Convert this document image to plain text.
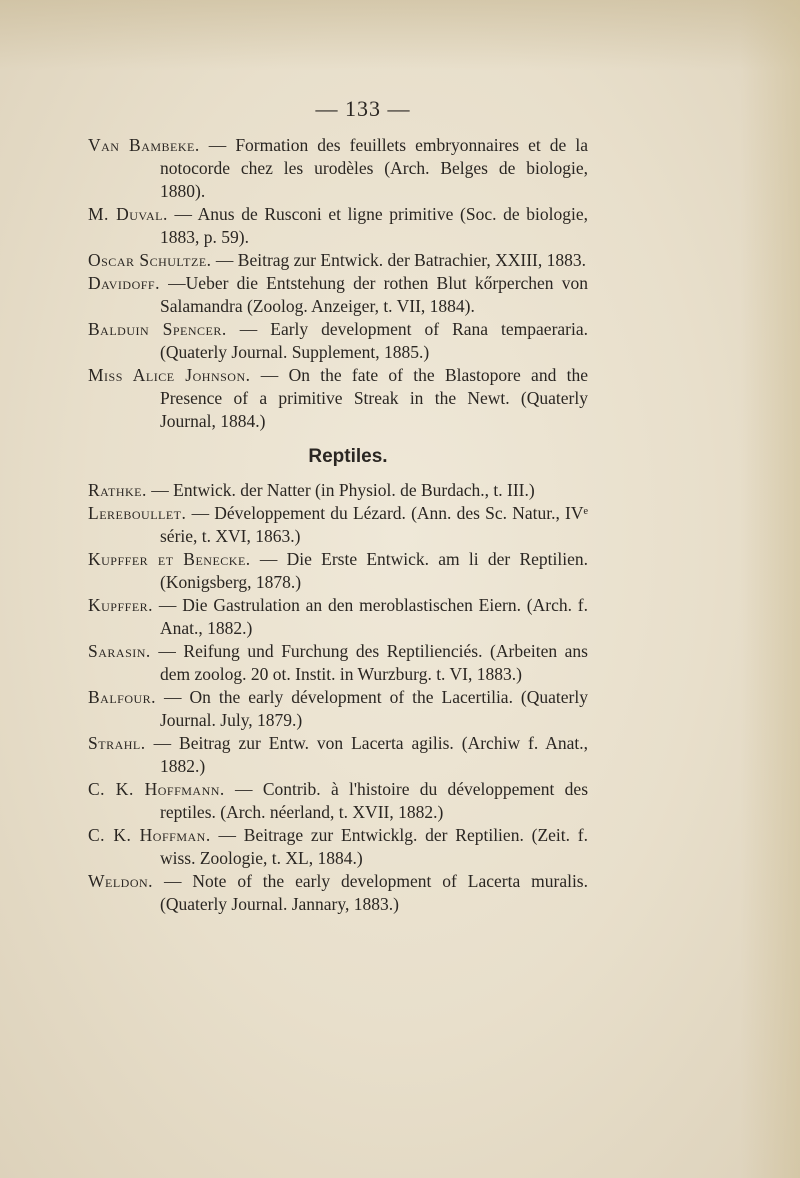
— 133 —

Van Bambeke. — Formation des feuillets embryonnaires et de la notocorde chez les urodèles (Arch. Belges de biologie, 1880).

M. Duval. — Anus de Rusconi et ligne primitive (Soc. de biologie, 1883, p. 59).

Oscar Schultze. — Beitrag zur Entwick. der Batrachier, XXIII, 1883.

Davidoff. —Ueber die Entstehung der rothen Blut kőrperchen von Salamandra (Zoolog. Anzeiger, t. VII, 1884).

Balduin Spencer. — Early development of Rana tempaeraria. (Quaterly Journal. Supplement, 1885.)

Miss Alice Johnson. — On the fate of the Blastopore and the Presence of a primitive Streak in the Newt. (Quaterly Journal, 1884.)

Reptiles.

Rathke. — Entwick. der Natter (in Physiol. de Burdach., t. III.)

Lereboullet. — Développement du Lézard. (Ann. des Sc. Natur., IVᵉ série, t. XVI, 1863.)

Kupffer et Benecke. — Die Erste Entwick. am li der Reptilien. (Konigsberg, 1878.)

Kupffer. — Die Gastrulation an den meroblastischen Eiern. (Arch. f. Anat., 1882.)

Sarasin. — Reifung und Furchung des Reptilienciés. (Arbeiten ans dem zoolog. 20 ot. Instit. in Wurzburg. t. VI, 1883.)

Balfour. — On the early dévelopment of the Lacertilia. (Quaterly Journal. July, 1879.)

Strahl. — Beitrag zur Entw. von Lacerta agilis. (Archiw f. Anat., 1882.)

C. K. Hoffmann. — Contrib. à l'histoire du développement des reptiles. (Arch. néerland, t. XVII, 1882.)

C. K. Hoffman. — Beitrage zur Entwicklg. der Reptilien. (Zeit. f. wiss. Zoologie, t. XL, 1884.)

Weldon. — Note of the early development of Lacerta muralis. (Quaterly Journal. Jannary, 1883.)
